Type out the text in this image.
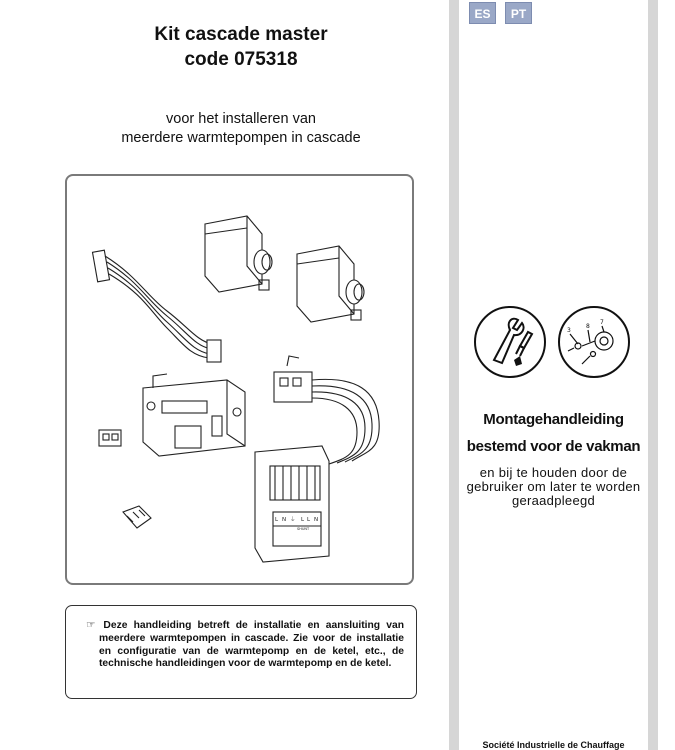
Kit cascade master
code 075318
voor het installeren van
meerdere warmtepompen in cascade
L N ⏚ L L N
SHUNT
☞ Deze handleiding betreft de installatie en aansluiting van meerdere warmtepompen in cascade. Zie voor de installatie en configuratie van de warmtepomp en de ketel, etc., de technische handleidingen voor de warmtepomp en de ketel.
ES	PT
3
8
7
Montagehandleiding
bestemd voor de vakman
en bij te houden door de gebruiker om later te worden geraadpleegd
Société Industrielle de Chauffage
